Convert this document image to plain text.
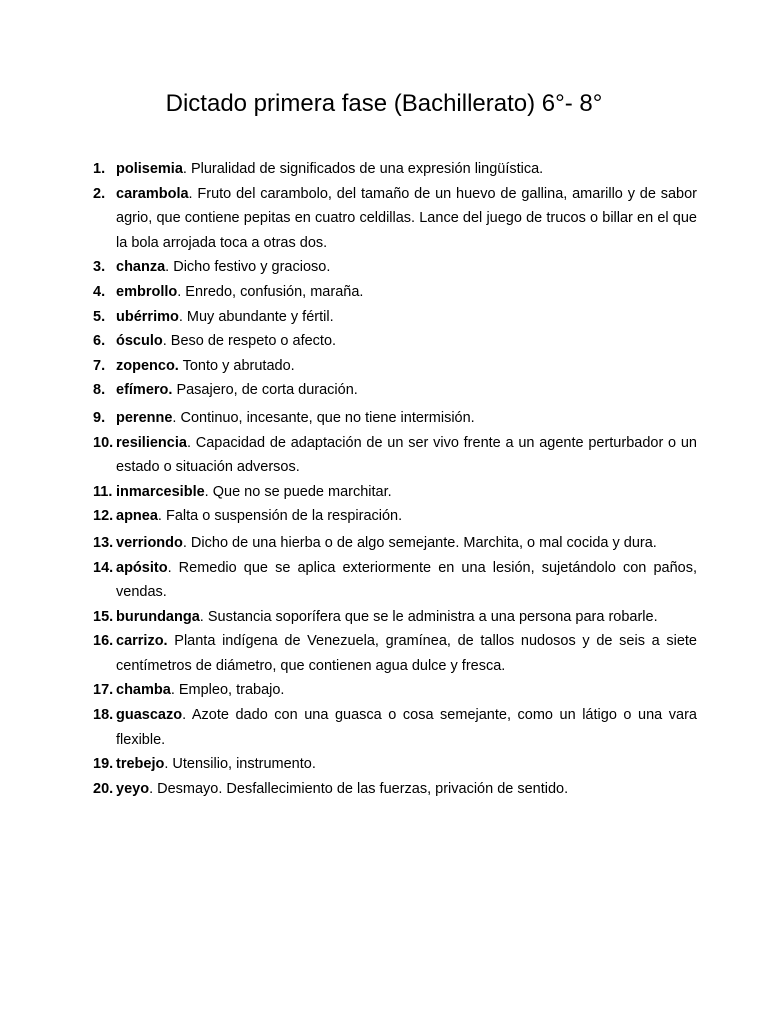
Dictado primera fase (Bachillerato) 6°- 8°
1. polisemia. Pluralidad de significados de una expresión lingüística.
2. carambola. Fruto del carambolo, del tamaño de un huevo de gallina, amarillo y de sabor agrio, que contiene pepitas en cuatro celdillas. Lance del juego de trucos o billar en el que la bola arrojada toca a otras dos.
3. chanza. Dicho festivo y gracioso.
4. embrollo. Enredo, confusión, maraña.
5. ubérrimo. Muy abundante y fértil.
6. ósculo. Beso de respeto o afecto.
7. zopenco. Tonto y abrutado.
8. efímero. Pasajero, de corta duración.
9. perenne. Continuo, incesante, que no tiene intermisión.
10. resiliencia. Capacidad de adaptación de un ser vivo frente a un agente perturbador o un estado o situación adversos.
11. inmarcesible. Que no se puede marchitar.
12. apnea. Falta o suspensión de la respiración.
13. verriondo. Dicho de una hierba o de algo semejante. Marchita, o mal cocida y dura.
14. apósito. Remedio que se aplica exteriormente en una lesión, sujetándolo con paños, vendas.
15. burundanga. Sustancia soporífera que se le administra a una persona para robarle.
16. carrizo. Planta indígena de Venezuela, gramínea, de tallos nudosos y de seis a siete centímetros de diámetro, que contienen agua dulce y fresca.
17. chamba. Empleo, trabajo.
18. guascazo. Azote dado con una guasca o cosa semejante, como un látigo o una vara flexible.
19. trebejo. Utensilio, instrumento.
20. yeyo. Desmayo. Desfallecimiento de las fuerzas, privación de sentido.
